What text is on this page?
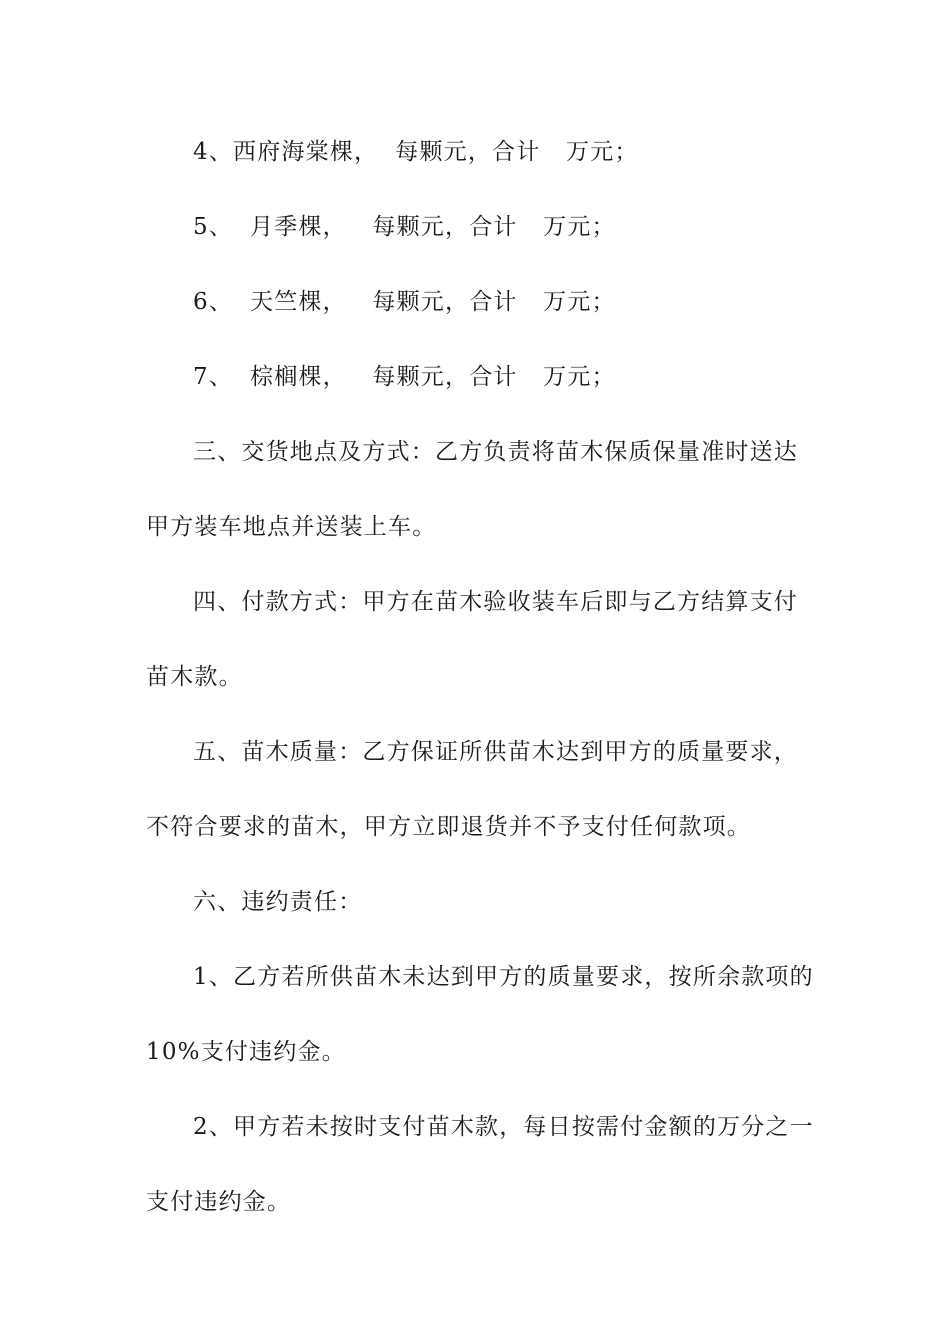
4、西府海棠棵，  每颗元，合计   万元；
5、  月季棵，   每颗元，合计   万元；
6、  天竺棵，   每颗元，合计   万元；
7、  棕榈棵，   每颗元，合计   万元；
三、交货地点及方式：乙方负责将苗木保质保量准时送达
甲方装车地点并送装上车。
四、付款方式：甲方在苗木验收装车后即与乙方结算支付
苗木款。
五、苗木质量：乙方保证所供苗木达到甲方的质量要求，
不符合要求的苗木，甲方立即退货并不予支付任何款项。
六、违约责任：
1、乙方若所供苗木未达到甲方的质量要求，按所余款项的
10%支付违约金。
2、甲方若未按时支付苗木款，每日按需付金额的万分之一
支付违约金。
